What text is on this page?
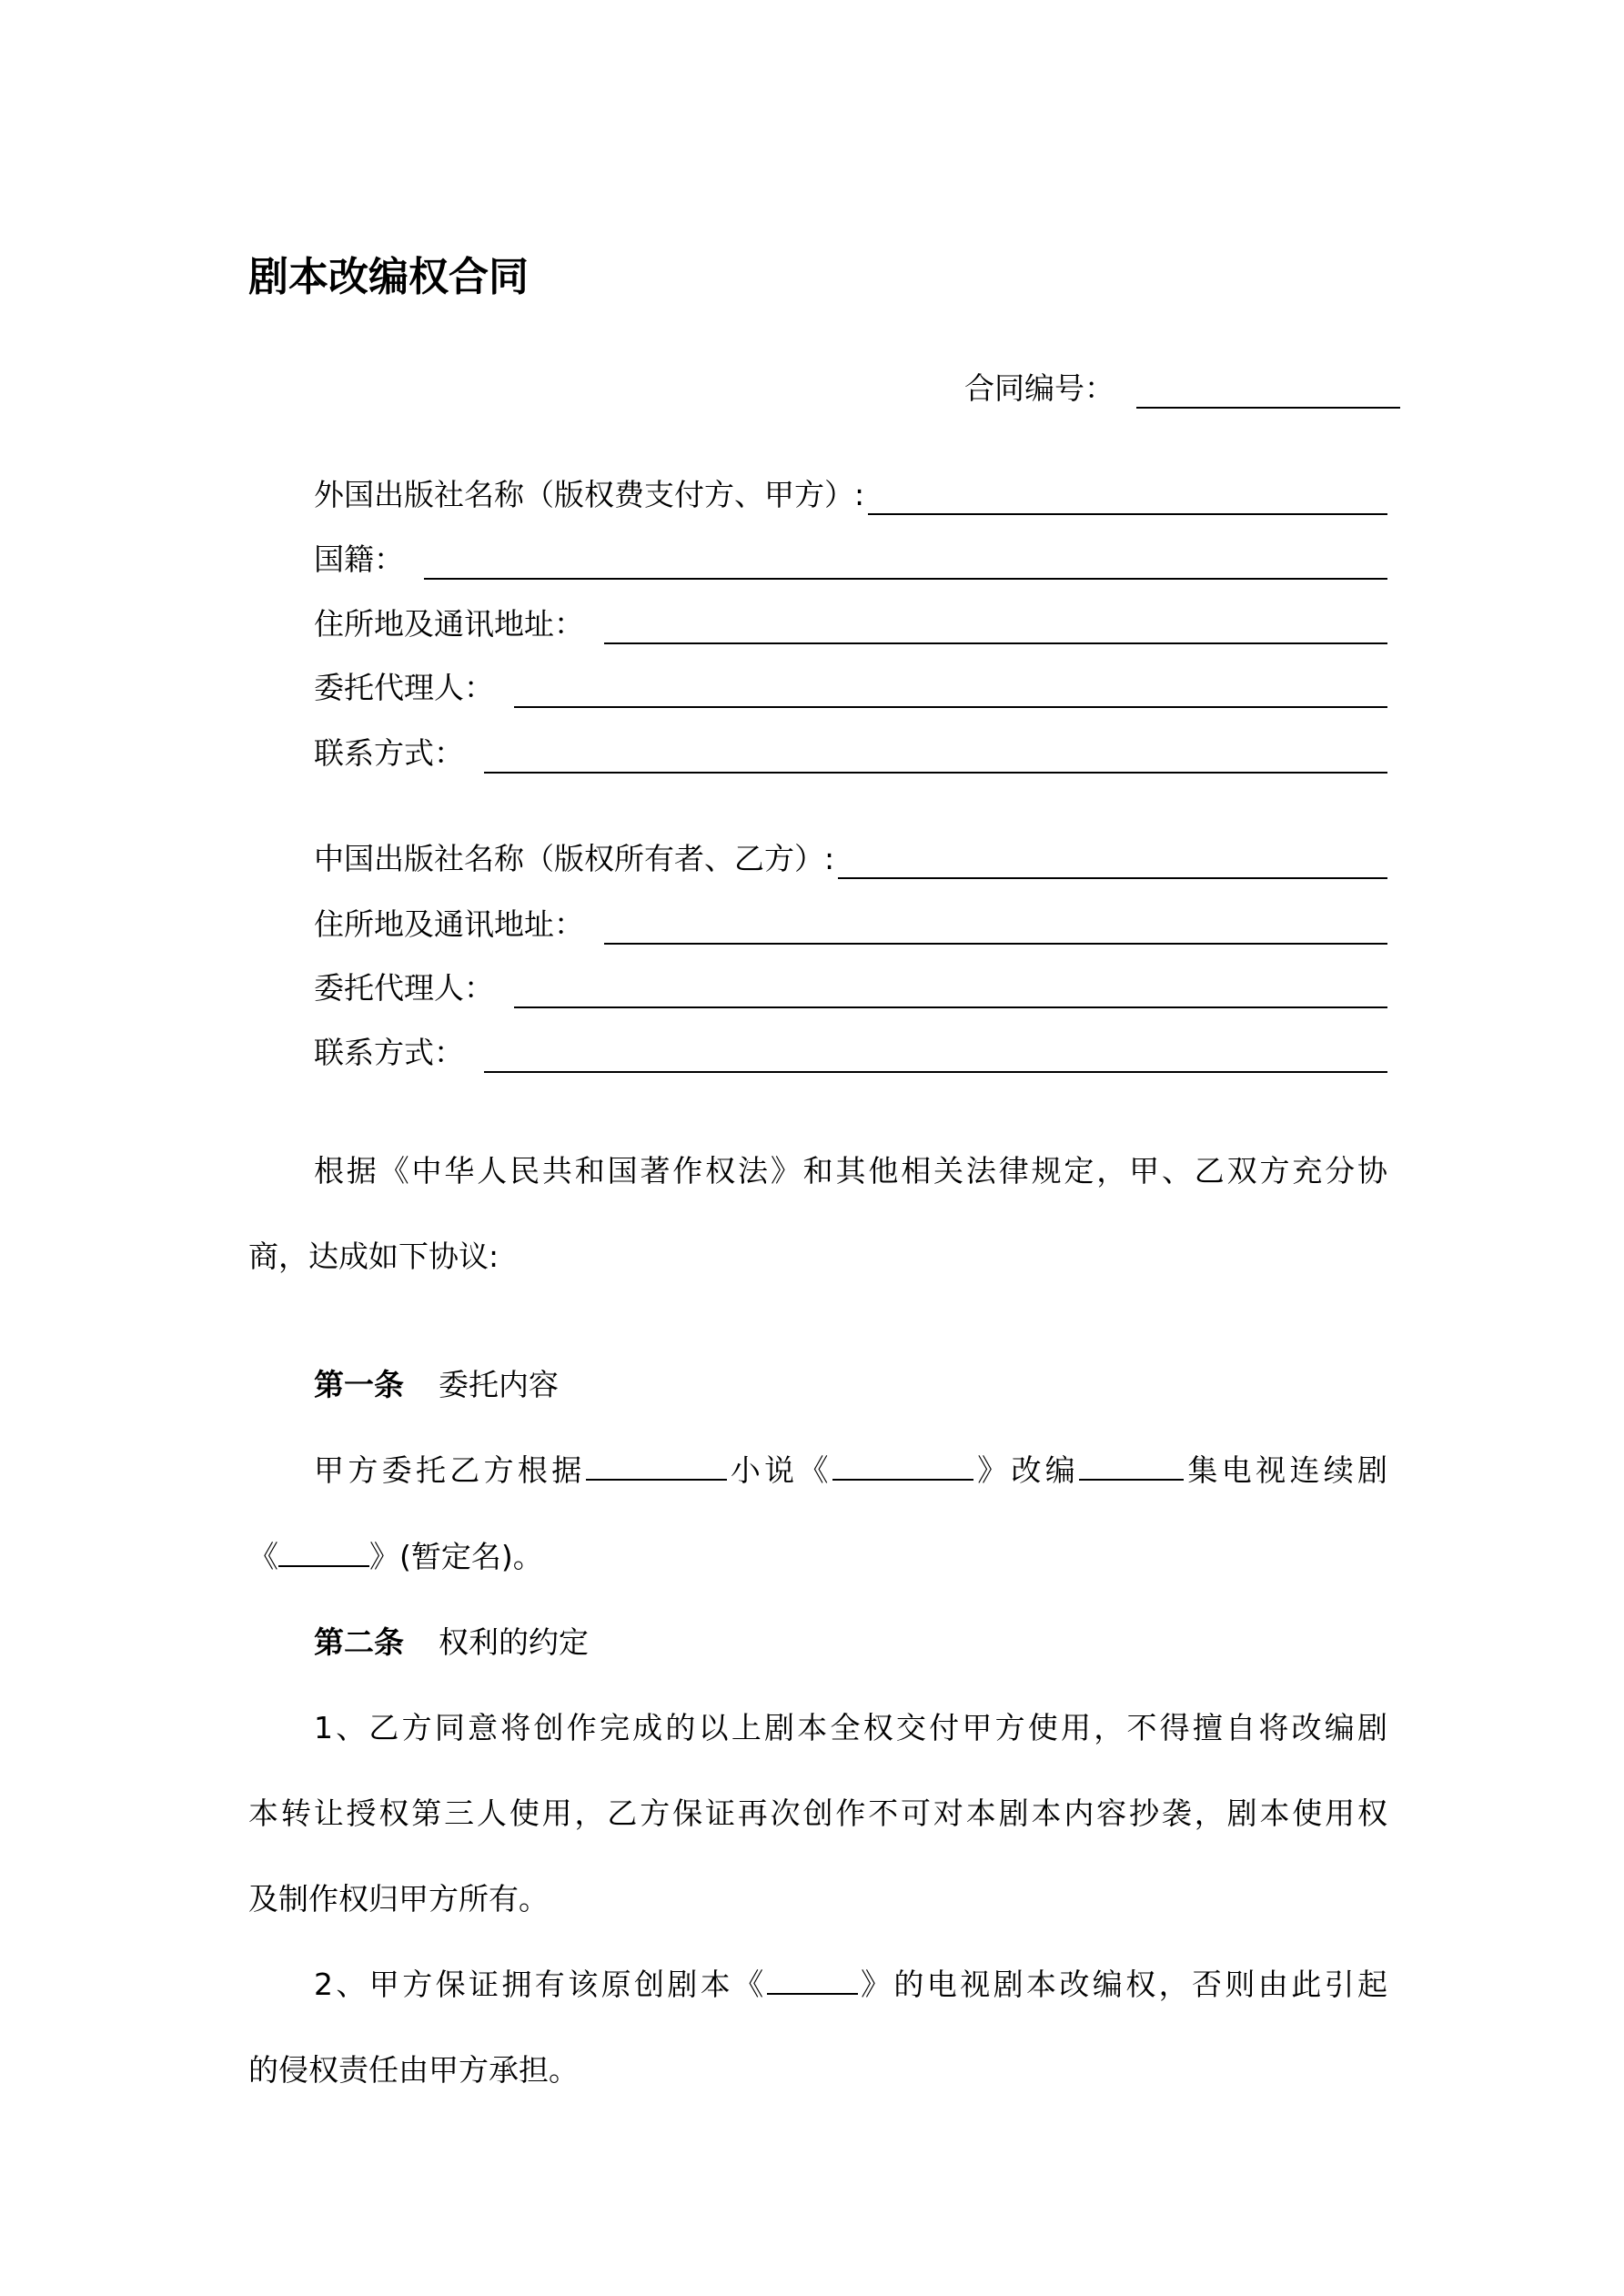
剧本改编权合同
合同编号：
外国出版社名称（版权费支付方、甲方）:
国籍：
住所地及通讯地址：
委托代理人：
联系方式：
中国出版社名称（版权所有者、乙方）:
住所地及通讯地址：
委托代理人：
联系方式：
根据《中华人民共和国著作权法》和其他相关法律规定，甲、乙双方充分协
商，达成如下协议:
第一条 委托内容
甲方委托乙方根据	小说《	》改编	集电视连续剧
《	》(暂定名)。
第二条 权利的约定
1、乙方同意将创作完成的以上剧本全权交付甲方使用，不得擅自将改编剧
本转让授权第三人使用，乙方保证再次创作不可对本剧本内容抄袭，剧本使用权
及制作权归甲方所有。
2、甲方保证拥有该原创剧本《	》的电视剧本改编权，否则由此引起
的侵权责任由甲方承担。
